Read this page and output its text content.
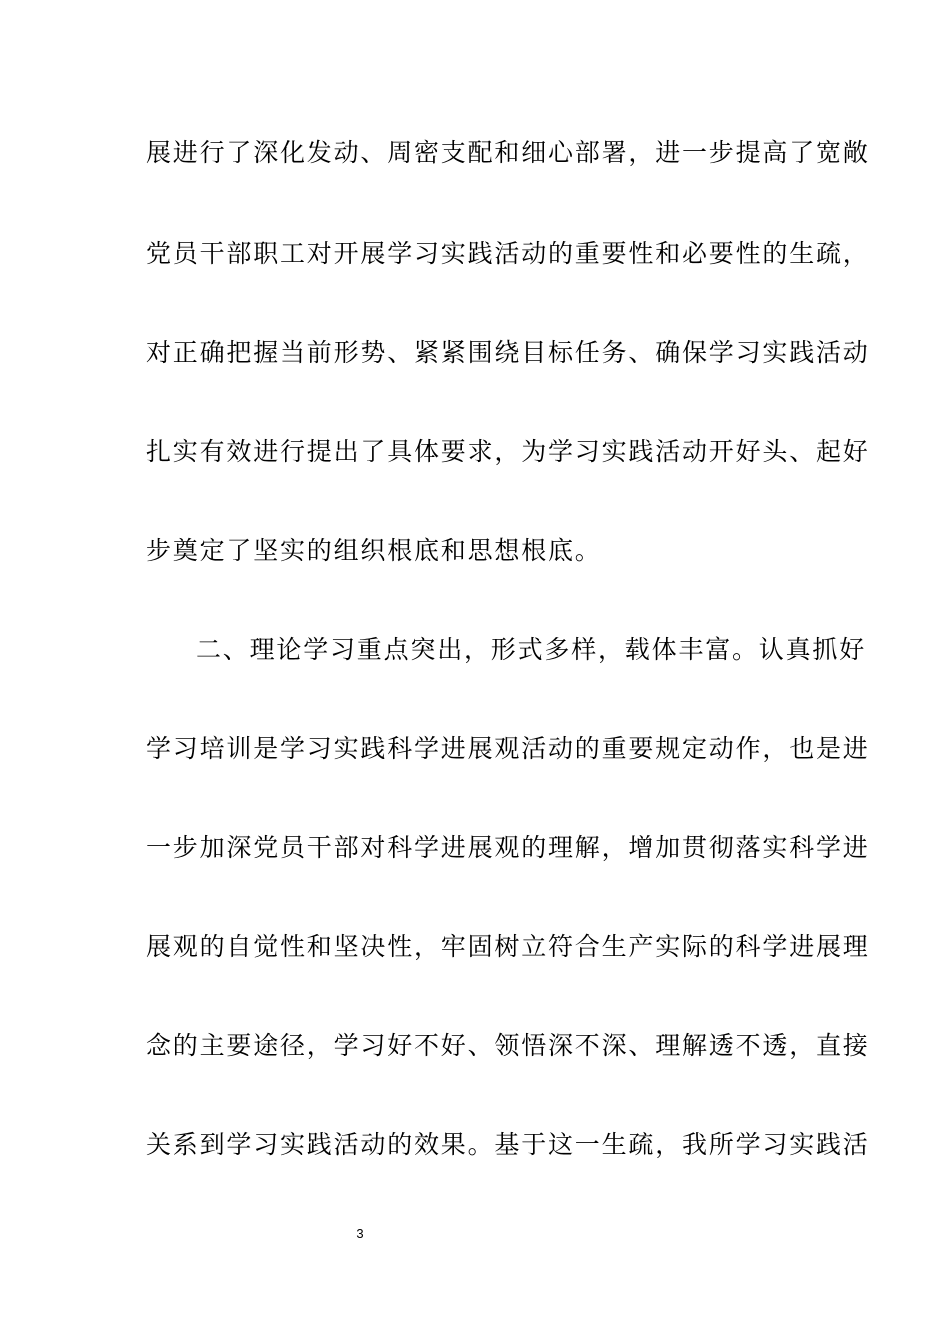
展进行了深化发动、周密支配和细心部署，进一步提高了宽敞
党员干部职工对开展学习实践活动的重要性和必要性的生疏，
对正确把握当前形势、紧紧围绕目标任务、确保学习实践活动
扎实有效进行提出了具体要求，为学习实践活动开好头、起好
步奠定了坚实的组织根底和思想根底。
二、理论学习重点突出，形式多样，载体丰富。认真抓好
学习培训是学习实践科学进展观活动的重要规定动作，也是进
一步加深党员干部对科学进展观的理解，增加贯彻落实科学进
展观的自觉性和坚决性，牢固树立符合生产实际的科学进展理
念的主要途径，学习好不好、领悟深不深、理解透不透，直接
关系到学习实践活动的效果。基于这一生疏，我所学习实践活
3
